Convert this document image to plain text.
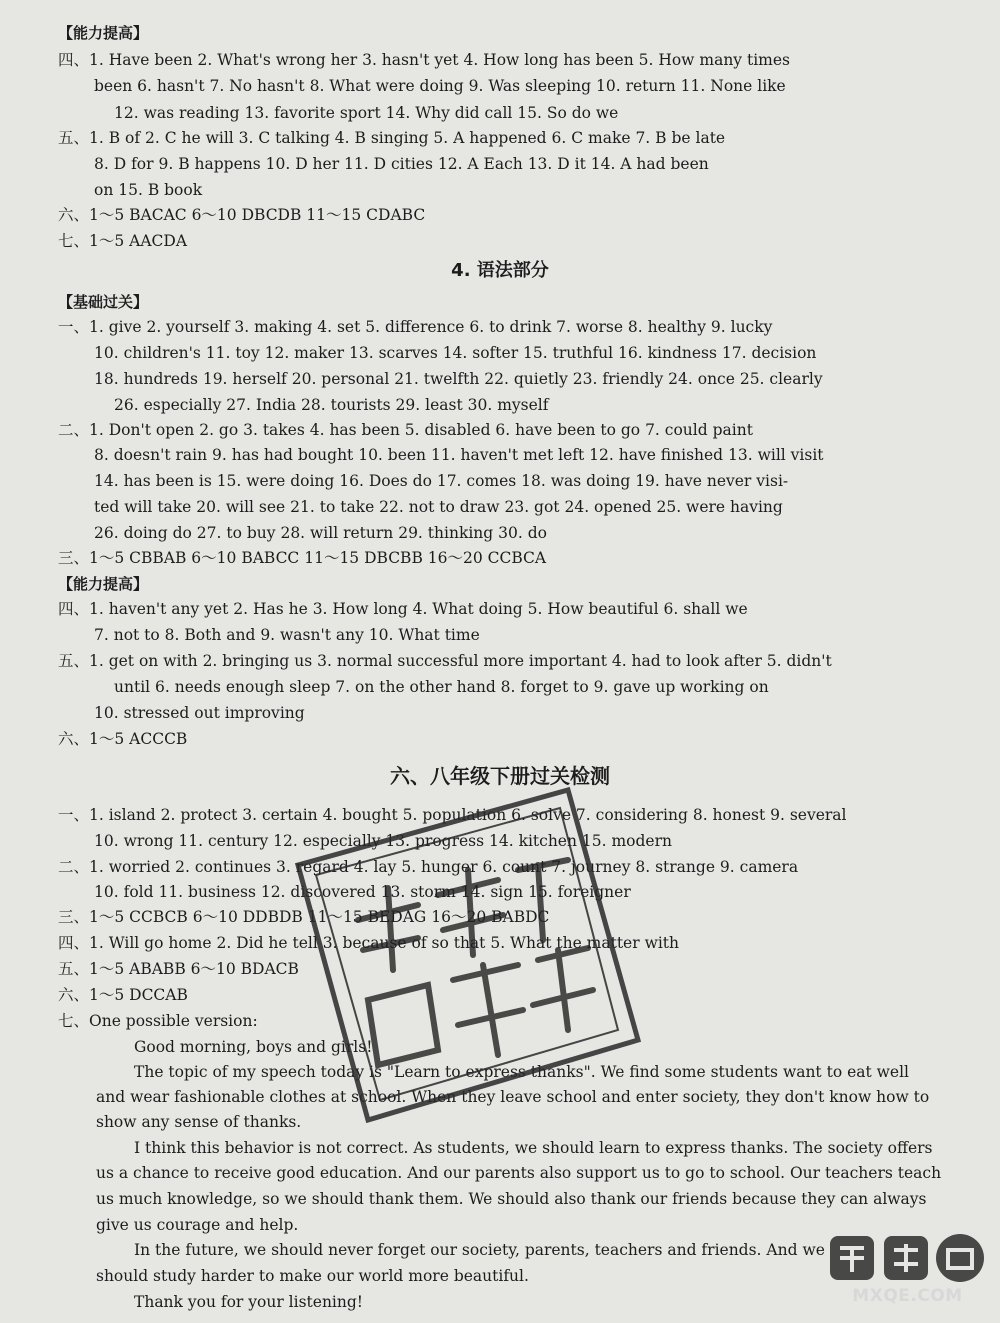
【能力提高】
四、1. Have been 2. What's wrong her 3. hasn't yet 4. How long has been 5. How many times
been 6. hasn't 7. No hasn't 8. What were doing 9. Was sleeping 10. return 11. None like
12. was reading 13. favorite sport 14. Why did call 15. So do we
五、1. B of 2. C he will 3. C talking 4. B singing 5. A happened 6. C make 7. B be late
8. D for 9. B happens 10. D her 11. D cities 12. A Each 13. D it 14. A had been
on 15. B book
六、1～5 BACAC 6～10 DBCDB 11～15 CDABC
七、1～5 AACDA
4. 语法部分
【基础过关】
一、1. give 2. yourself 3. making 4. set 5. difference 6. to drink 7. worse 8. healthy 9. lucky
10. children's 11. toy 12. maker 13. scarves 14. softer 15. truthful 16. kindness 17. decision
18. hundreds 19. herself 20. personal 21. twelfth 22. quietly 23. friendly 24. once 25. clearly
26. especially 27. India 28. tourists 29. least 30. myself
二、1. Don't open 2. go 3. takes 4. has been 5. disabled 6. have been to go 7. could paint
8. doesn't rain 9. has had bought 10. been 11. haven't met left 12. have finished 13. will visit
14. has been is 15. were doing 16. Does do 17. comes 18. was doing 19. have never visi-
ted will take 20. will see 21. to take 22. not to draw 23. got 24. opened 25. were having
26. doing do 27. to buy 28. will return 29. thinking 30. do
三、1～5 CBBAB 6～10 BABCC 11～15 DBCBB 16～20 CCBCA
【能力提高】
四、1. haven't any yet 2. Has he 3. How long 4. What doing 5. How beautiful 6. shall we
7. not to 8. Both and 9. wasn't any 10. What time
五、1. get on with 2. bringing us 3. normal successful more important 4. had to look after 5. didn't
until 6. needs enough sleep 7. on the other hand 8. forget to 9. gave up working on
10. stressed out improving
六、1～5 ACCCB
六、八年级下册过关检测
一、1. island 2. protect 3. certain 4. bought 5. population 6. solve 7. considering 8. honest 9. several
10. wrong 11. century 12. especially 13. progress 14. kitchen 15. modern
二、1. worried 2. continues 3. regard 4. lay 5. hunger 6. count 7. journey 8. strange 9. camera
10. fold 11. business 12. discovered 13. storm 14. sign 15. foreigner
三、1～5 CCBCB 6～10 DDBDB 11～15 BEDAG 16～20 BABDC
四、1. Will go home 2. Did he tell 3. because of so that 5. What the matter with
五、1～5 ABABB 6～10 BDACB
六、1～5 DCCAB
七、One possible version:
Good morning, boys and girls!
The topic of my speech today is "Learn to express thanks". We find some students want to eat well
and wear fashionable clothes at school. When they leave school and enter society, they don't know how to
show any sense of thanks.
I think this behavior is not correct. As students, we should learn to express thanks. The society offers
us a chance to receive good education. And our parents also support us to go to school. Our teachers teach
us much knowledge, so we should thank them. We should also thank our friends because they can always
give us courage and help.
In the future, we should never forget our society, parents, teachers and friends. And we
should study harder to make our world more beautiful.
Thank you for your listening!	MXQE.COM
